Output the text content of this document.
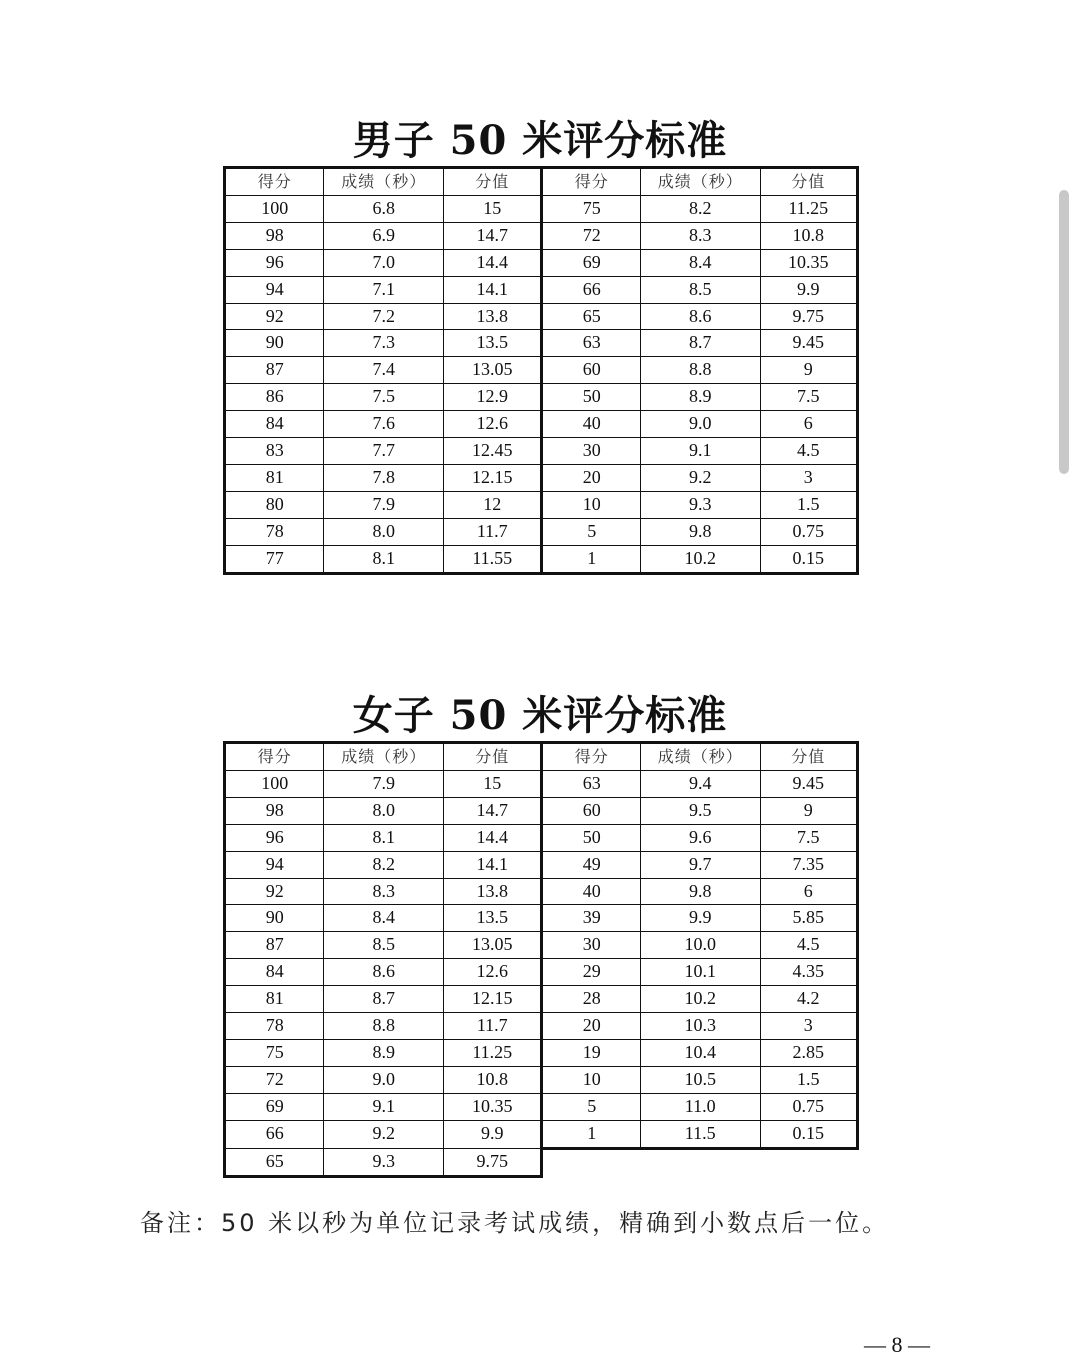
男子 50 米评分标准
得分	成绩（秒）	分值	得分	成绩（秒）	分值
100	6.8	15	75	8.2	11.25
98	6.9	14.7	72	8.3	10.8
96	7.0	14.4	69	8.4	10.35
94	7.1	14.1	66	8.5	9.9
92	7.2	13.8	65	8.6	9.75
90	7.3	13.5	63	8.7	9.45
87	7.4	13.05	60	8.8	9
86	7.5	12.9	50	8.9	7.5
84	7.6	12.6	40	9.0	6
83	7.7	12.45	30	9.1	4.5
81	7.8	12.15	20	9.2	3
80	7.9	12	10	9.3	1.5
78	8.0	11.7	5	9.8	0.75
77	8.1	11.55	1	10.2	0.15
女子 50 米评分标准
得分	成绩（秒）	分值	得分	成绩（秒）	分值
100	7.9	15	63	9.4	9.45
98	8.0	14.7	60	9.5	9
96	8.1	14.4	50	9.6	7.5
94	8.2	14.1	49	9.7	7.35
92	8.3	13.8	40	9.8	6
90	8.4	13.5	39	9.9	5.85
87	8.5	13.05	30	10.0	4.5
84	8.6	12.6	29	10.1	4.35
81	8.7	12.15	28	10.2	4.2
78	8.8	11.7	20	10.3	3
75	8.9	11.25	19	10.4	2.85
72	9.0	10.8	10	10.5	1.5
69	9.1	10.35	5	11.0	0.75
66	9.2	9.9	1	11.5	0.15
65	9.3	9.75			
备注：50 米以秒为单位记录考试成绩，精确到小数点后一位。
— 8 —
